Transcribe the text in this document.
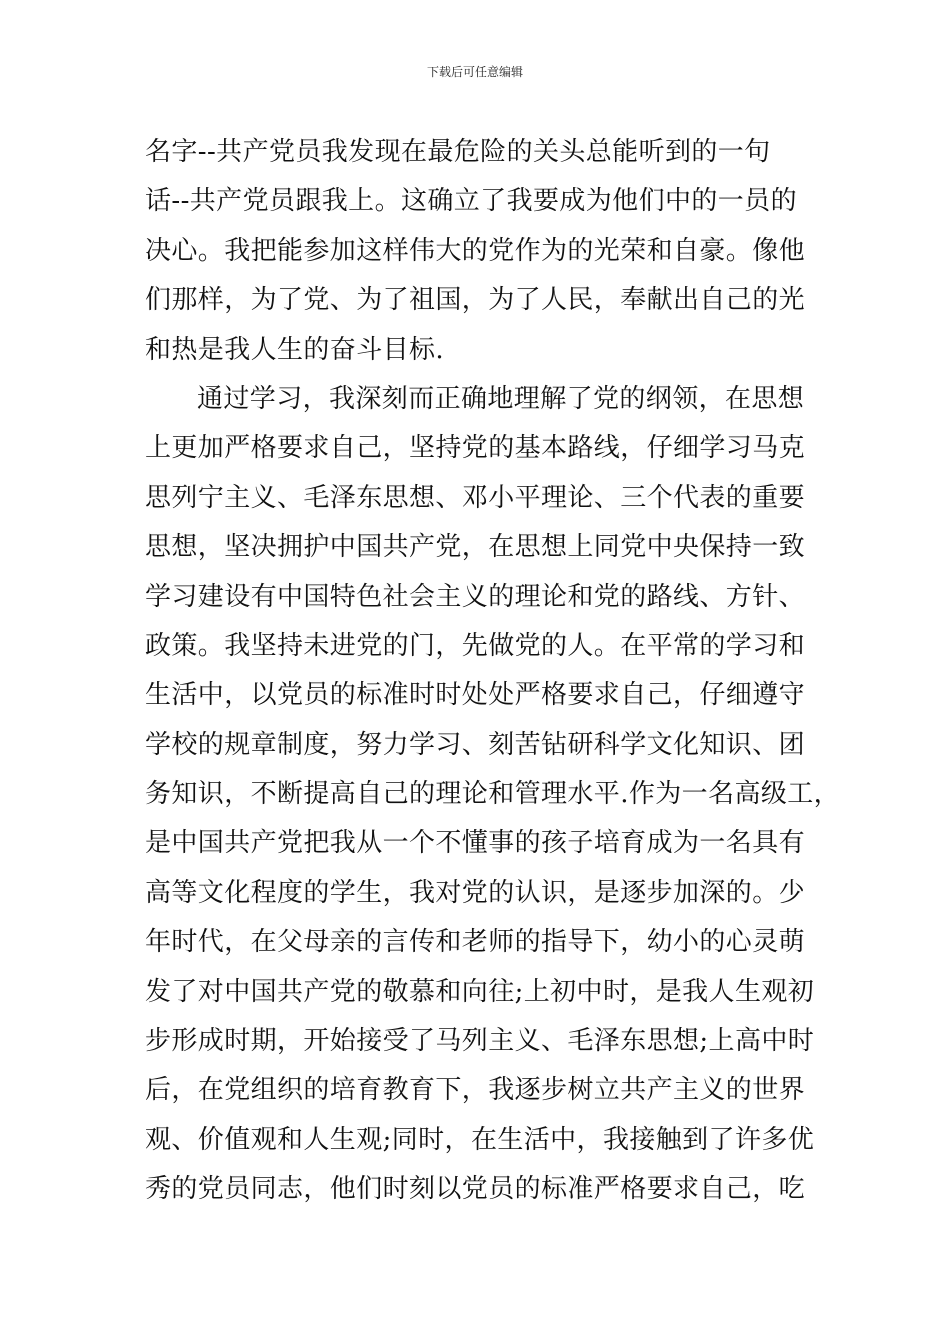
下载后可任意编辑
名字--共产党员我发现在最危险的关头总能听到的一句
话--共产党员跟我上。这确立了我要成为他们中的一员的
决心。我把能参加这样伟大的党作为的光荣和自豪。像他
们那样，为了党、为了祖国，为了人民，奉献出自己的光
和热是我人生的奋斗目标.
通过学习，我深刻而正确地理解了党的纲领，在思想
上更加严格要求自己，坚持党的基本路线，仔细学习马克
思列宁主义、毛泽东思想、邓小平理论、三个代表的重要
思想，坚决拥护中国共产党，在思想上同党中央保持一致
学习建设有中国特色社会主义的理论和党的路线、方针、
政策。我坚持未进党的门，先做党的人。在平常的学习和
生活中，以党员的标准时时处处严格要求自己，仔细遵守
学校的规章制度，努力学习、刻苦钻研科学文化知识、团
务知识，不断提高自己的理论和管理水平.作为一名高级工，
是中国共产党把我从一个不懂事的孩子培育成为一名具有
高等文化程度的学生，我对党的认识，是逐步加深的。少
年时代，在父母亲的言传和老师的指导下，幼小的心灵萌
发了对中国共产党的敬慕和向往;上初中时，是我人生观初
步形成时期，开始接受了马列主义、毛泽东思想;上高中时
后，在党组织的培育教育下，我逐步树立共产主义的世界
观、价值观和人生观;同时，在生活中，我接触到了许多优
秀的党员同志，他们时刻以党员的标准严格要求自己，吃
